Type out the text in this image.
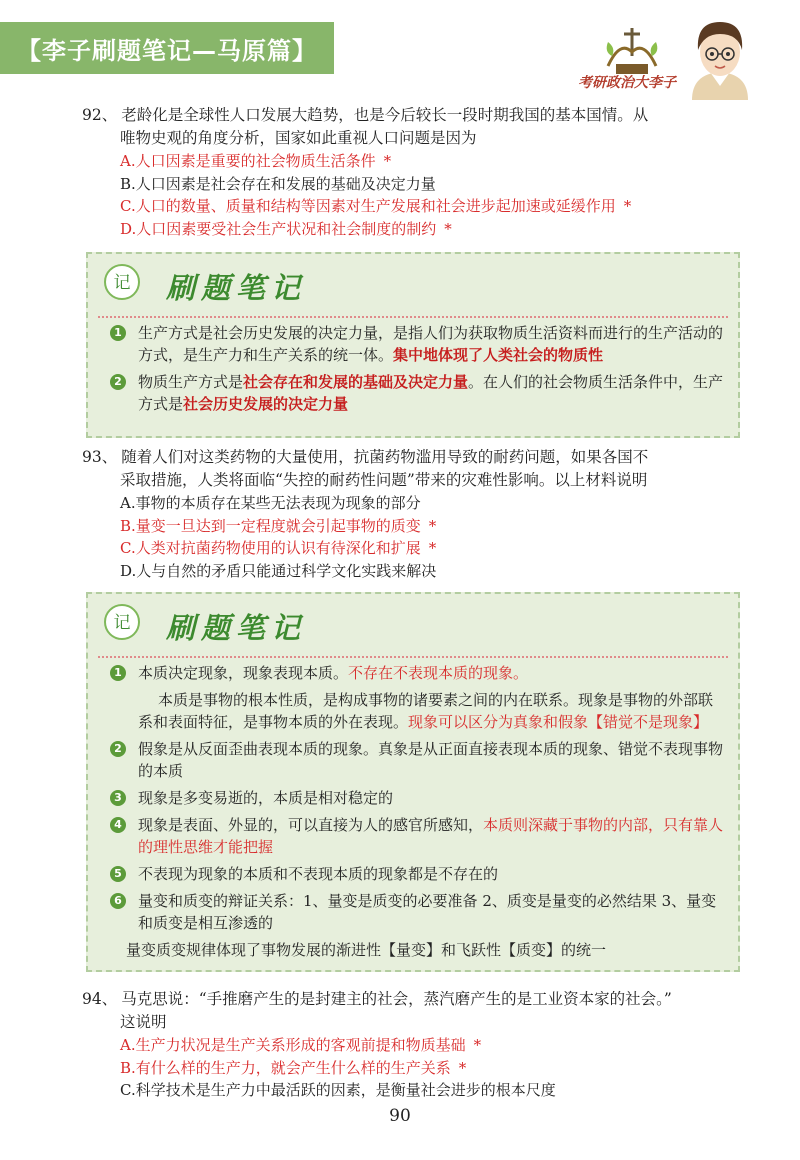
【李子刷题笔记—马原篇】
考研政治大李子
92、 老龄化是全球性人口发展大趋势，也是今后较长一段时期我国的基本国情。从
唯物史观的角度分析，国家如此重视人口问题是因为
A.人口因素是重要的社会物质生活条件 *
B.人口因素是社会存在和发展的基础及决定力量
C.人口的数量、质量和结构等因素对生产发展和社会进步起加速或延缓作用 *
D.人口因素要受社会生产状况和社会制度的制约 *
记 刷题笔记
1 生产方式是社会历史发展的决定力量，是指人们为获取物质生活资料而进行的生产活动的方式，是生产力和生产关系的统一体。集中地体现了人类社会的物质性
2 物质生产方式是社会存在和发展的基础及决定力量。在人们的社会物质生活条件中，生产方式是社会历史发展的决定力量
93、 随着人们对这类药物的大量使用，抗菌药物滥用导致的耐药问题，如果各国不
采取措施，人类将面临“失控的耐药性问题”带来的灾难性影响。以上材料说明
A.事物的本质存在某些无法表现为现象的部分
B.量变一旦达到一定程度就会引起事物的质变 *
C.人类对抗菌药物使用的认识有待深化和扩展 *
D.人与自然的矛盾只能通过科学文化实践来解决
记 刷题笔记
1 本质决定现象，现象表现本质。不存在不表现本质的现象。
本质是事物的根本性质，是构成事物的诸要素之间的内在联系。现象是事物的外部联系和表面特征，是事物本质的外在表现。现象可以区分为真象和假象【错觉不是现象】
2 假象是从反面歪曲表现本质的现象。真象是从正面直接表现本质的现象、错觉不表现事物的本质
3 现象是多变易逝的，本质是相对稳定的
4 现象是表面、外显的，可以直接为人的感官所感知，本质则深藏于事物的内部，只有靠人的理性思维才能把握
5 不表现为现象的本质和不表现本质的现象都是不存在的
6 量变和质变的辩证关系：1、量变是质变的必要准备 2、质变是量变的必然结果 3、量变和质变是相互渗透的
量变质变规律体现了事物发展的渐进性【量变】和飞跃性【质变】的统一
94、 马克思说：“手推磨产生的是封建主的社会，蒸汽磨产生的是工业资本家的社会。”
这说明
A.生产力状况是生产关系形成的客观前提和物质基础 *
B.有什么样的生产力，就会产生什么样的生产关系 *
C.科学技术是生产力中最活跃的因素，是衡量社会进步的根本尺度
90
